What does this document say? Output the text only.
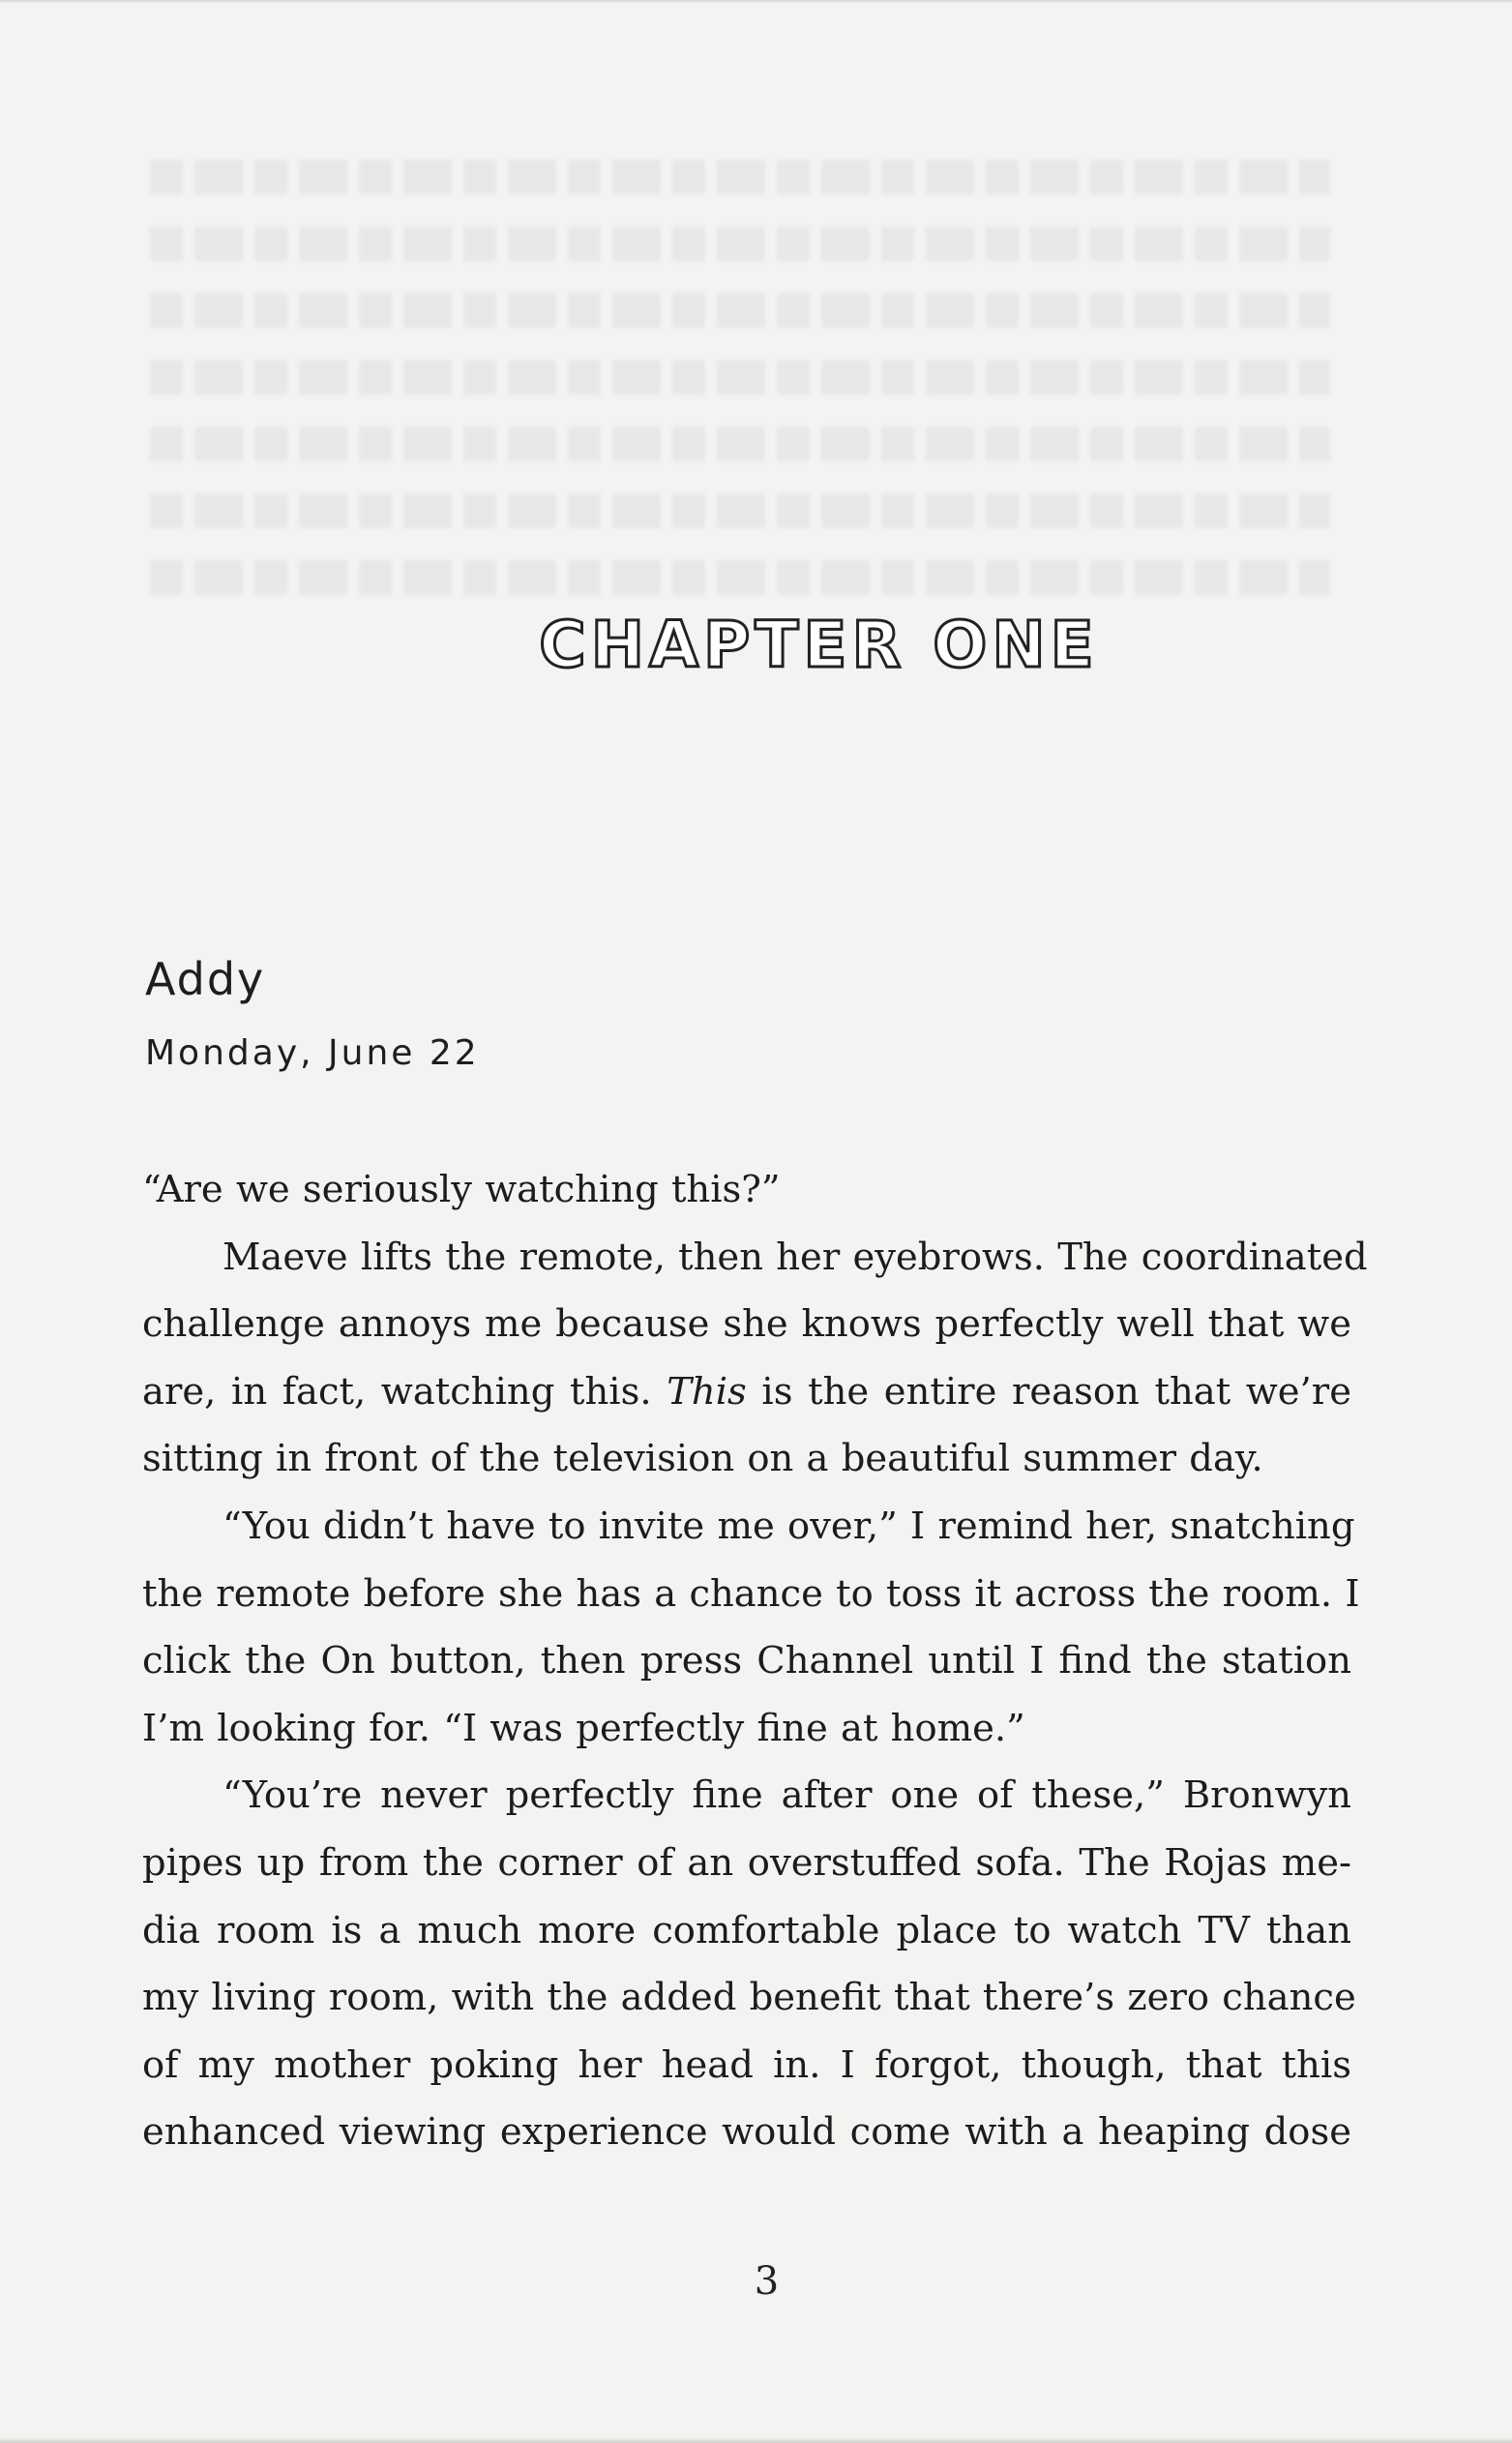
CHAPTER ONE
Addy
Monday, June 22
“Are we seriously watching this?”
Maeve lifts the remote, then her eyebrows. The coordinated
challenge annoys me because she knows perfectly well that we
are, in fact, watching this. This is the entire reason that we’re
sitting in front of the television on a beautiful summer day.
“You didn’t have to invite me over,” I remind her, snatching
the remote before she has a chance to toss it across the room. I
click the On button, then press Channel until I find the station
I’m looking for. “I was perfectly fine at home.”
“You’re never perfectly fine after one of these,” Bronwyn
pipes up from the corner of an overstuffed sofa. The Rojas me-
dia room is a much more comfortable place to watch TV than
my living room, with the added benefit that there’s zero chance
of my mother poking her head in. I forgot, though, that this
enhanced viewing experience would come with a heaping dose
3
